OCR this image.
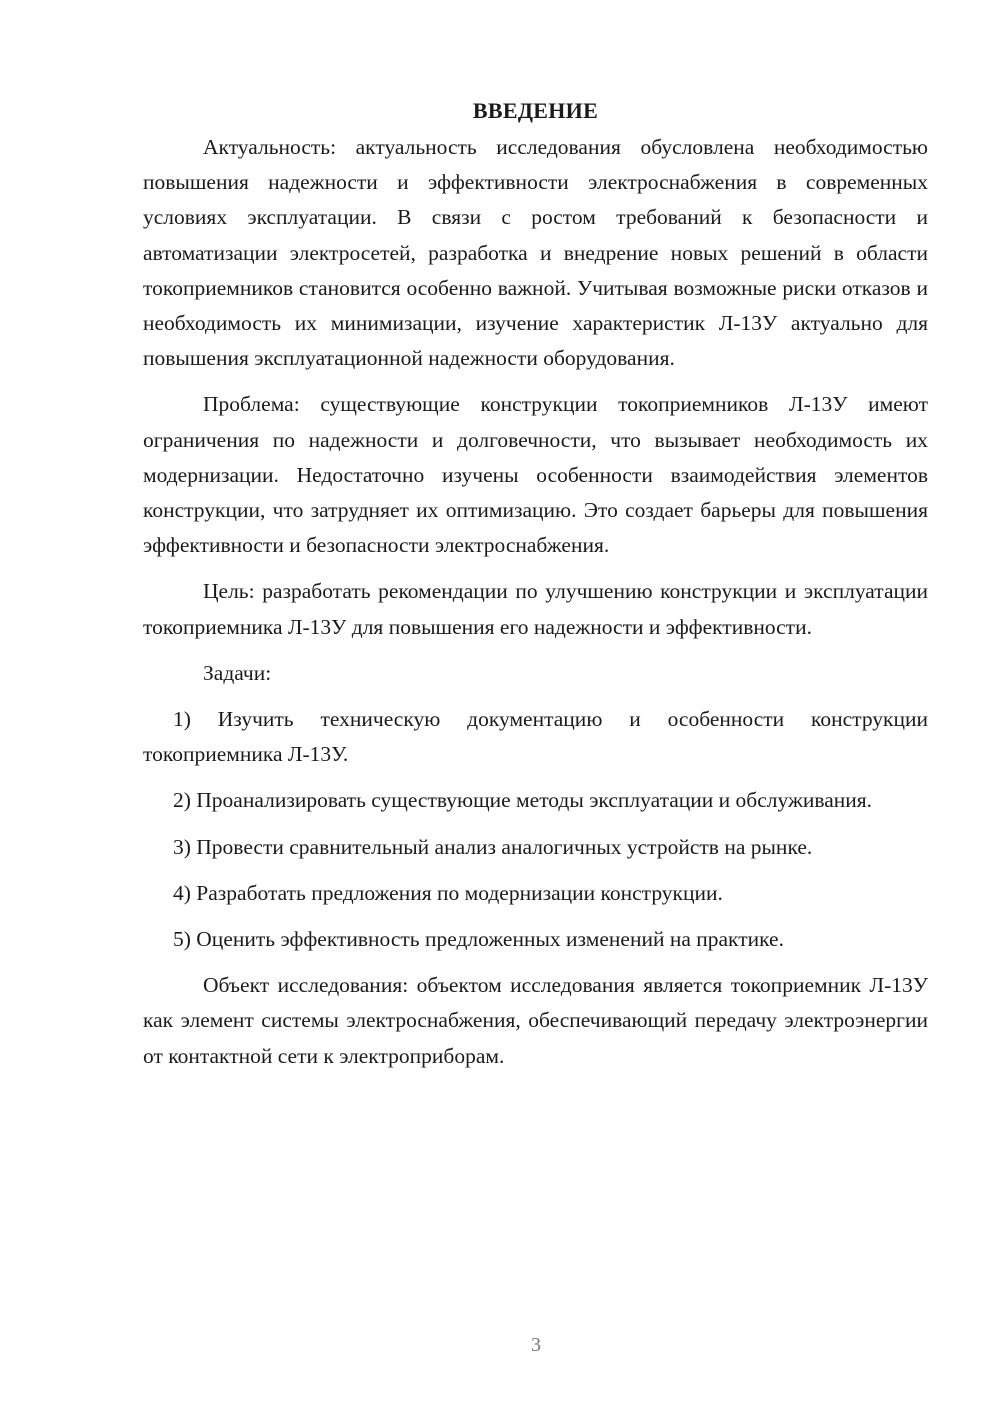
ВВЕДЕНИЕ

Актуальность: актуальность исследования обусловлена необходимостью повышения надежности и эффективности электроснабжения в современных условиях эксплуатации. В связи с ростом требований к безопасности и автоматизации электросетей, разработка и внедрение новых решений в области токоприемников становится особенно важной. Учитывая возможные риски отказов и необходимость их минимизации, изучение характеристик Л-13У актуально для повышения эксплуатационной надежности оборудования.

Проблема: существующие конструкции токоприемников Л-13У имеют ограничения по надежности и долговечности, что вызывает необходимость их модернизации. Недостаточно изучены особенности взаимодействия элементов конструкции, что затрудняет их оптимизацию. Это создает барьеры для повышения эффективности и безопасности электроснабжения.

Цель: разработать рекомендации по улучшению конструкции и эксплуатации токоприемника Л-13У для повышения его надежности и эффективности.

Задачи:

1) Изучить техническую документацию и особенности конструкции токоприемника Л-13У.

2) Проанализировать существующие методы эксплуатации и обслуживания.

3) Провести сравнительный анализ аналогичных устройств на рынке.

4) Разработать предложения по модернизации конструкции.

5) Оценить эффективность предложенных изменений на практике.

Объект исследования: объектом исследования является токоприемник Л-13У как элемент системы электроснабжения, обеспечивающий передачу электроэнергии от контактной сети к электроприборам.

3
